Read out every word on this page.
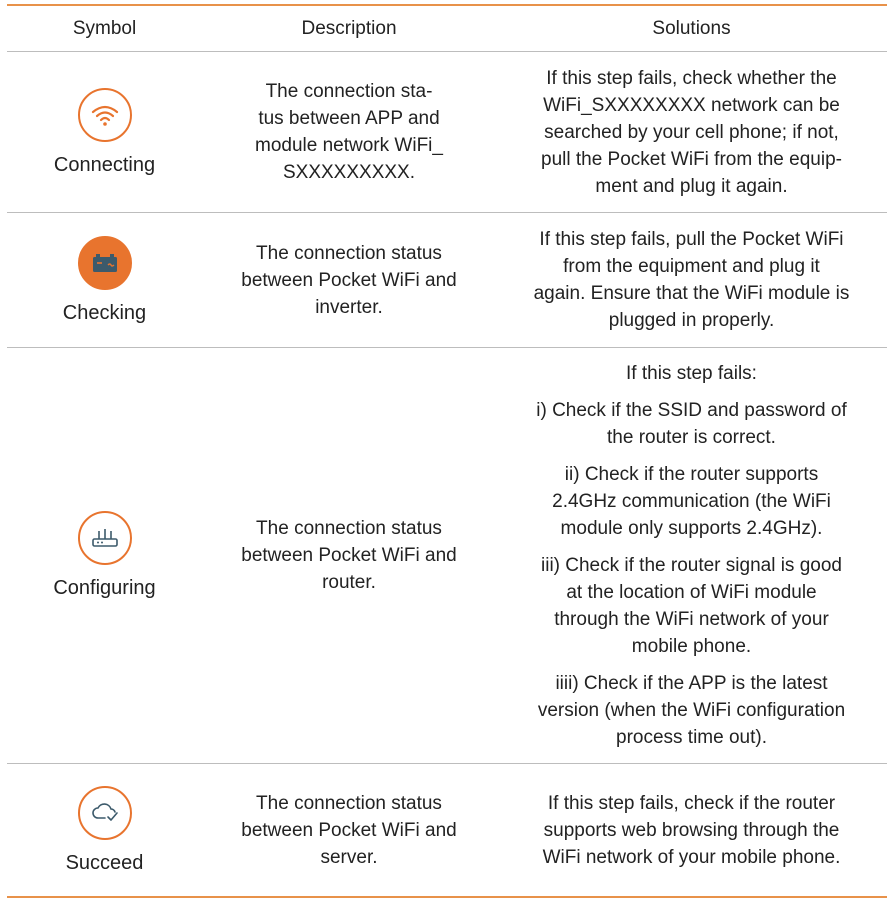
Symbol	Description	Solutions
Connecting
The connection sta-
tus between APP and
module network WiFi_
SXXXXXXXXX.
If this step fails, check whether the
WiFi_SXXXXXXXX network can be
searched by your cell phone; if not,
pull the Pocket WiFi from the equip-
ment and plug it again.
Checking
The connection status
between Pocket WiFi and
inverter.
If this step fails, pull the Pocket WiFi
from the equipment and plug it
again. Ensure that the WiFi module is
plugged in properly.
Configuring
The connection status
between Pocket WiFi and
router.
If this step fails:
i) Check if the SSID and password of
the router is correct.
ii) Check if the router supports
2.4GHz communication (the WiFi
module only supports 2.4GHz).
iii) Check if the router signal is good
at the location of WiFi module
through the WiFi network of your
mobile phone.
iiii) Check if the APP is the latest
version (when the WiFi configuration
process time out).
Succeed
The connection status
between Pocket WiFi and
server.
If this step fails, check if the router
supports web browsing through the
WiFi network of your mobile phone.
